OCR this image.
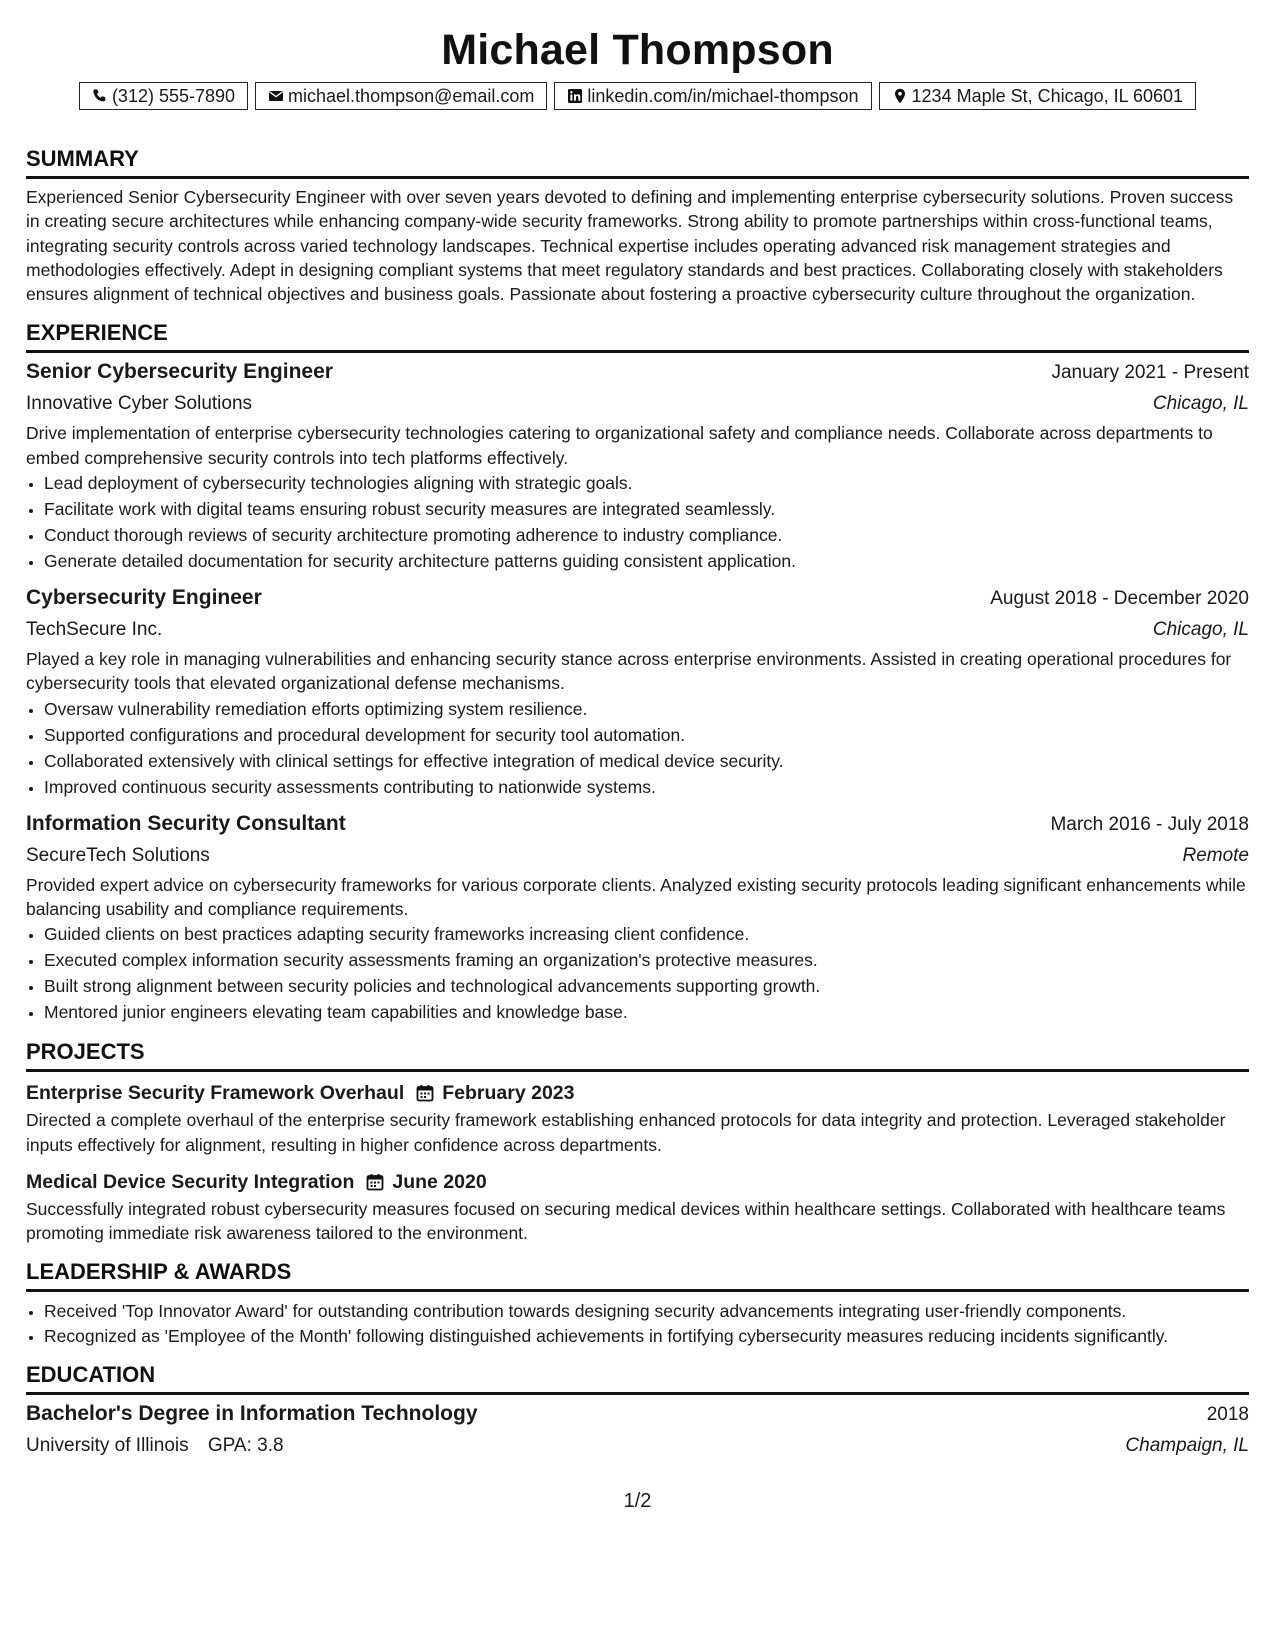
Michael Thompson
(312) 555-7890	michael.thompson@email.com	linkedin.com/in/michael-thompson	1234 Maple St, Chicago, IL 60601
SUMMARY

Experienced Senior Cybersecurity Engineer with over seven years devoted to defining and implementing enterprise cybersecurity solutions. Proven success in creating secure architectures while enhancing company-wide security frameworks. Strong ability to promote partnerships within cross-functional teams, integrating security controls across varied technology landscapes. Technical expertise includes operating advanced risk management strategies and methodologies effectively. Adept in designing compliant systems that meet regulatory standards and best practices. Collaborating closely with stakeholders ensures alignment of technical objectives and business goals. Passionate about fostering a proactive cybersecurity culture throughout the organization.

EXPERIENCE
Senior Cybersecurity Engineer	January 2021 - Present
Innovative Cyber Solutions	Chicago, IL

Drive implementation of enterprise cybersecurity technologies catering to organizational safety and compliance needs. Collaborate across departments to embed comprehensive security controls into tech platforms effectively.

• Lead deployment of cybersecurity technologies aligning with strategic goals.
• Facilitate work with digital teams ensuring robust security measures are integrated seamlessly.
• Conduct thorough reviews of security architecture promoting adherence to industry compliance.
• Generate detailed documentation for security architecture patterns guiding consistent application.
Cybersecurity Engineer	August 2018 - December 2020
TechSecure Inc.	Chicago, IL

Played a key role in managing vulnerabilities and enhancing security stance across enterprise environments. Assisted in creating operational procedures for cybersecurity tools that elevated organizational defense mechanisms.

• Oversaw vulnerability remediation efforts optimizing system resilience.
• Supported configurations and procedural development for security tool automation.
• Collaborated extensively with clinical settings for effective integration of medical device security.
• Improved continuous security assessments contributing to nationwide systems.
Information Security Consultant	March 2016 - July 2018
SecureTech Solutions	Remote

Provided expert advice on cybersecurity frameworks for various corporate clients. Analyzed existing security protocols leading significant enhancements while balancing usability and compliance requirements.

• Guided clients on best practices adapting security frameworks increasing client confidence.
• Executed complex information security assessments framing an organization's protective measures.
• Built strong alignment between security policies and technological advancements supporting growth.
• Mentored junior engineers elevating team capabilities and knowledge base.
PROJECTS
Enterprise Security Framework Overhaul February 2023

Directed a complete overhaul of the enterprise security framework establishing enhanced protocols for data integrity and protection. Leveraged stakeholder inputs effectively for alignment, resulting in higher confidence across departments.

Medical Device Security Integration June 2020

Successfully integrated robust cybersecurity measures focused on securing medical devices within healthcare settings. Collaborated with healthcare teams promoting immediate risk awareness tailored to the environment.

LEADERSHIP & AWARDS
• Received 'Top Innovator Award' for outstanding contribution towards designing security advancements integrating user-friendly components.
• Recognized as 'Employee of the Month' following distinguished achievements in fortifying cybersecurity measures reducing incidents significantly.
EDUCATION
Bachelor's Degree in Information Technology	2018
University of Illinois GPA: 3.8	Champaign, IL
1/2
